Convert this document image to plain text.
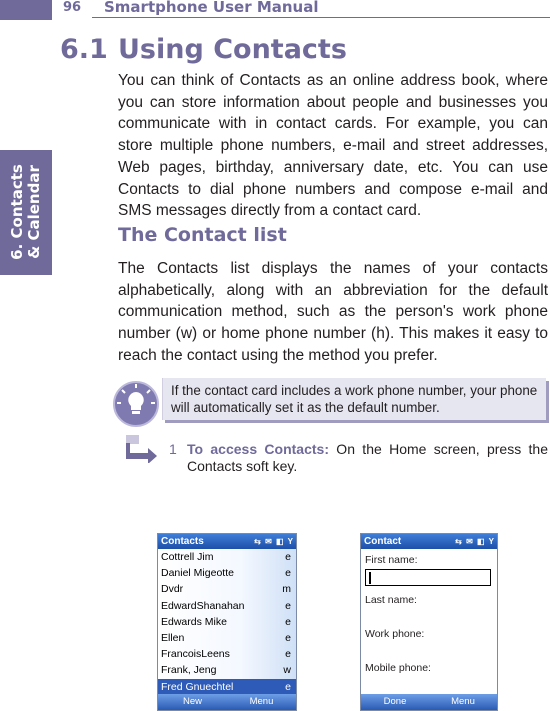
96	Smartphone User Manual
6. Contacts & Calendar
6.1 Using Contacts

You can think of Contacts as an online address book, where you can store information about people and businesses you communicate with in contact cards. For example, you can store multiple phone numbers, e-mail and street addresses, Web pages, birthday, anniversary date, etc. You can use Contacts to dial phone numbers and compose e-mail and SMS messages directly from a contact card.

The Contact list

The Contacts list displays the names of your contacts alphabetically, along with an abbreviation for the default communication method, such as the person's work phone number (w) or home phone number (h). This makes it easy to reach the contact using the method you prefer.

If the contact card includes a work phone number, your phone will automatically set it as the default number.
1 To access Contacts: On the Home screen, press the Contacts soft key.
Contacts	⇆ ✉ ◧ Y
Cottrell Jim	e
Daniel Migeotte	e
Dvdr	m
EdwardShanahan	e
Edwards Mike	e
Ellen	e
FrancoisLeens	e
Frank, Jeng	w
Fred Gnuechtel	e
New	Menu
Contact	⇆ ✉ ◧ Y
First name:
Last name:
Work phone:
Mobile phone:
Done	Menu
